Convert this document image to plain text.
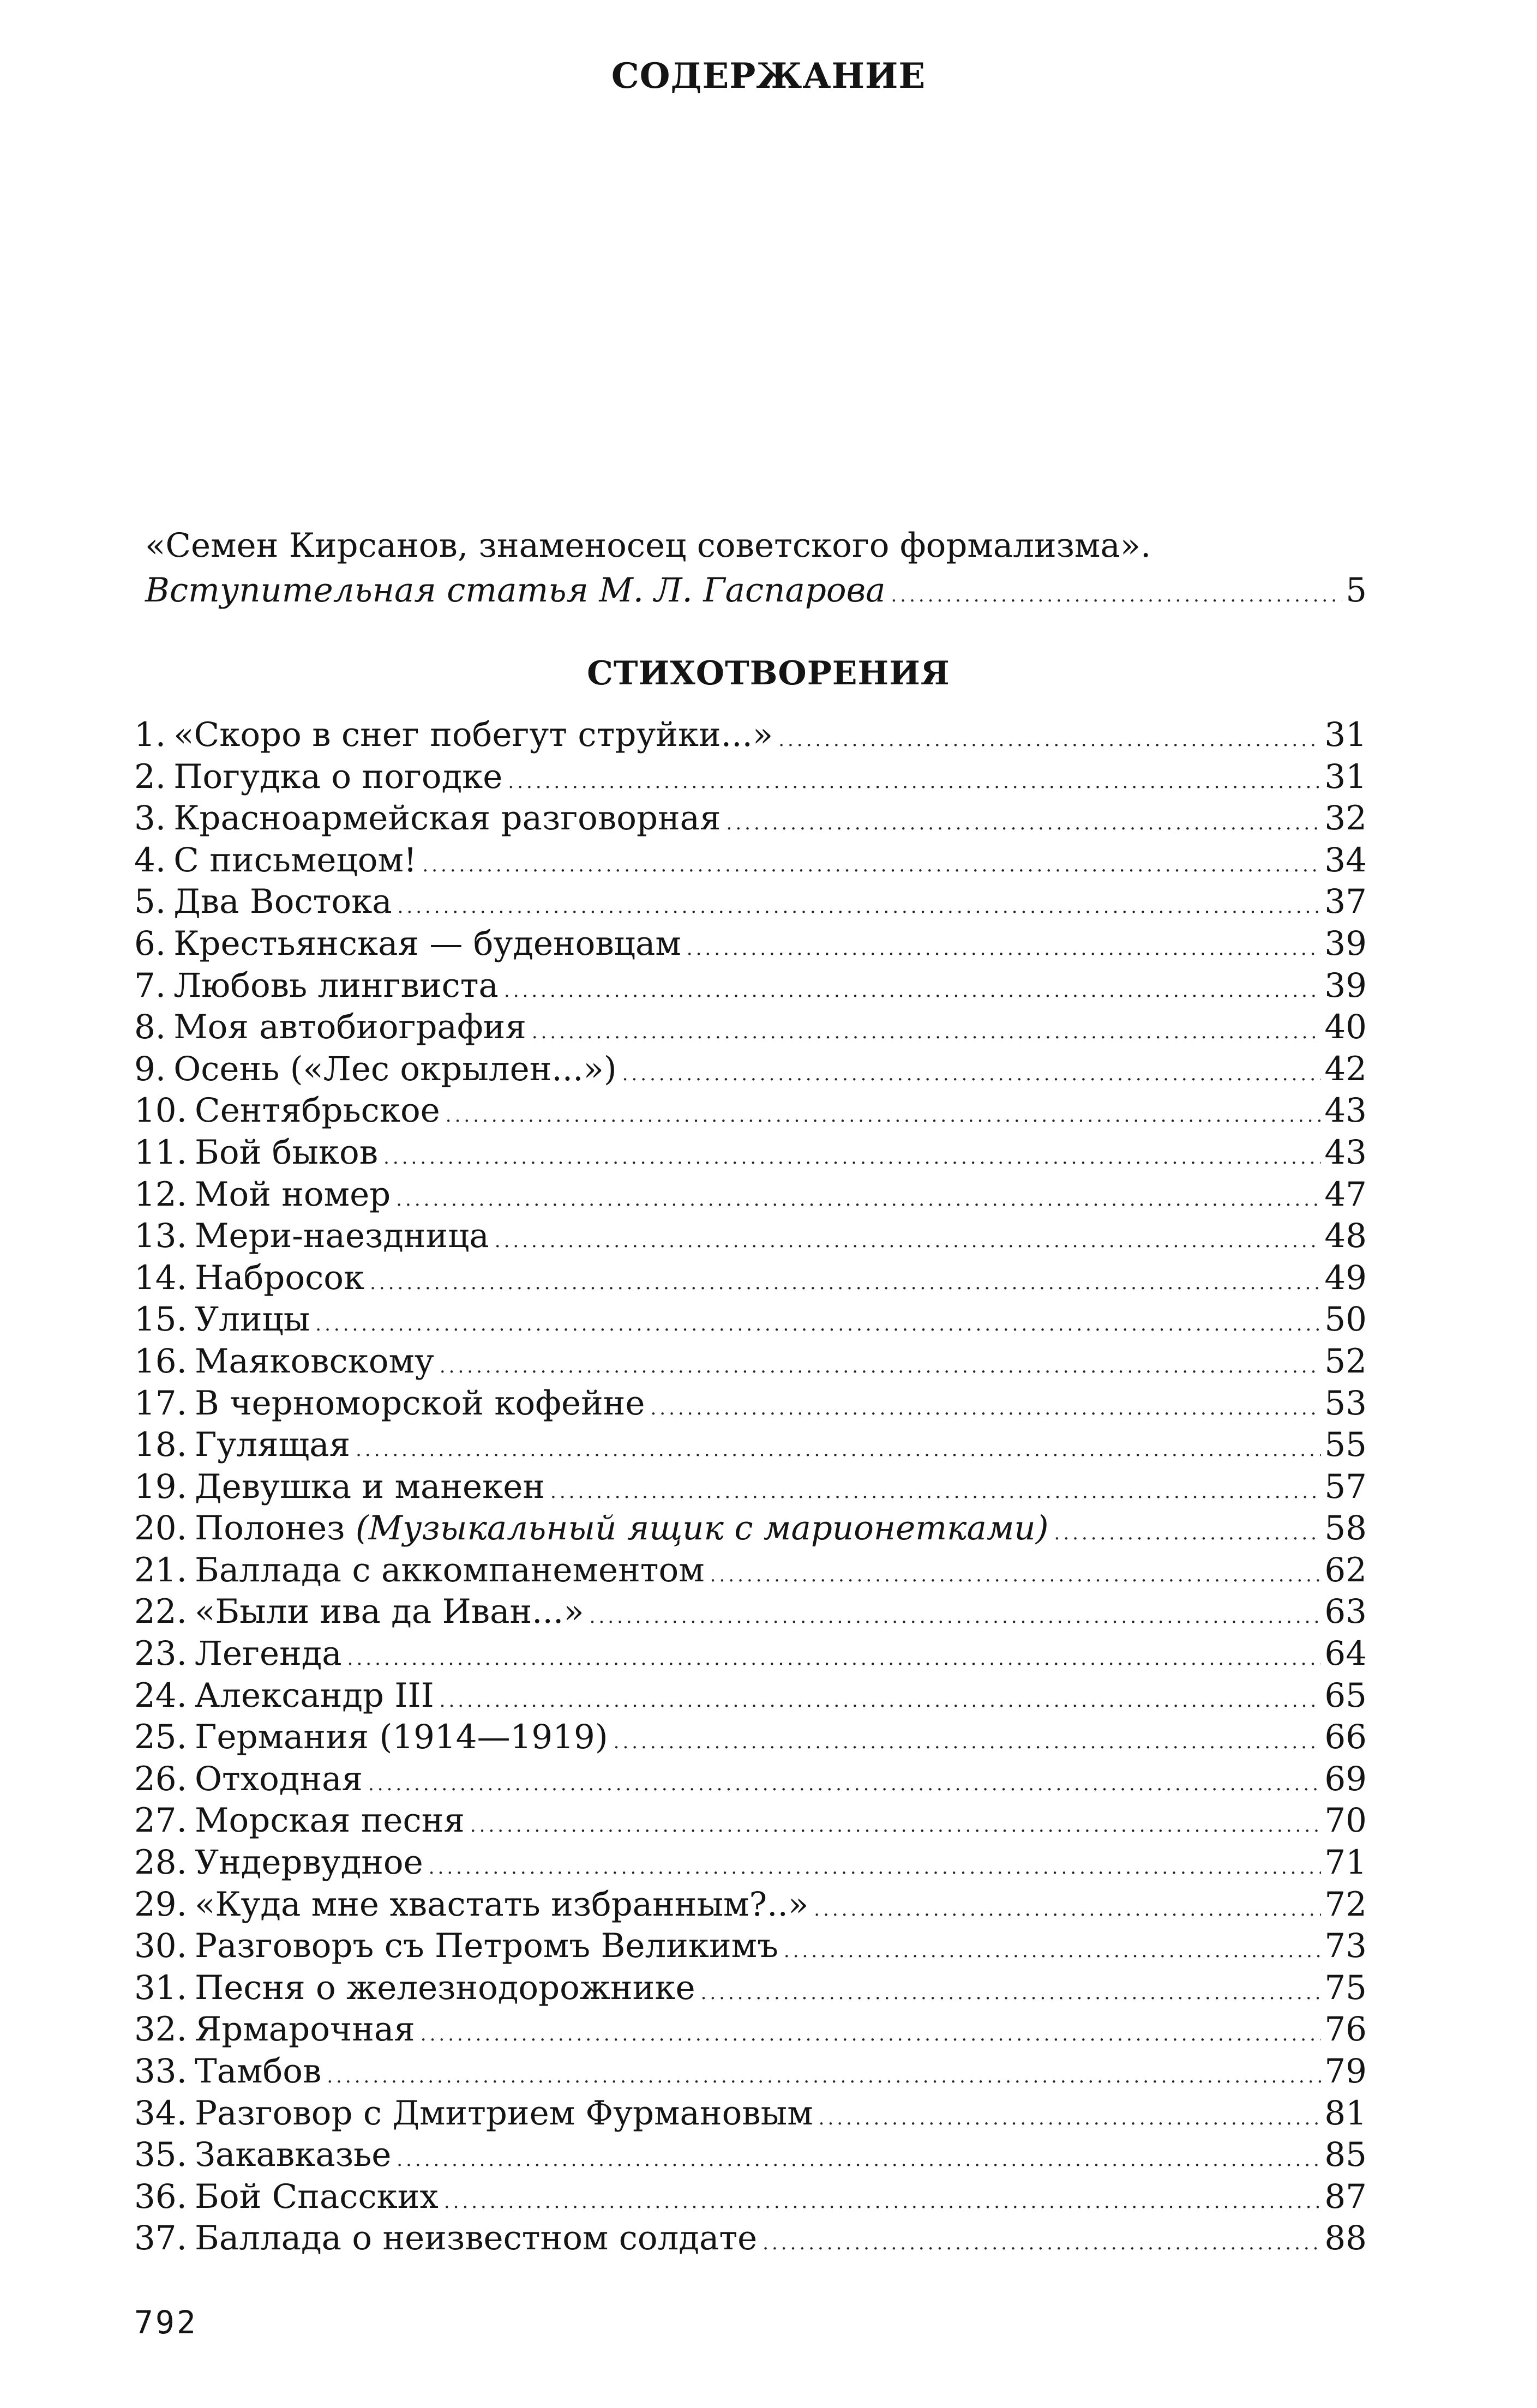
СОДЕРЖАНИЕ
«Семен Кирсанов, знаменосец советского формализма».
Вступительная статья М. Л. Гаспарова .....	5
СТИХОТВОРЕНИЯ
1. «Скоро в снег побегут струйки...» .....	31
2. Погудка о погодке .....	31
3. Красноармейская разговорная .....	32
4. С письмецом! .....	34
5. Два Востока .....	37
6. Крестьянская — буденовцам .....	39
7. Любовь лингвиста .....	39
8. Моя автобиография .....	40
9. Осень («Лес окрылен...») .....	42
10. Сентябрьское .....	43
11. Бой быков .....	43
12. Мой номер .....	47
13. Мери-наездница .....	48
14. Набросок .....	49
15. Улицы .....	50
16. Маяковскому .....	52
17. В черноморской кофейне .....	53
18. Гулящая .....	55
19. Девушка и манекен .....	57
20. Полонез (Музыкальный ящик с марионетками) .....	58
21. Баллада с аккомпанементом .....	62
22. «Были ива да Иван...» .....	63
23. Легенда .....	64
24. Александр III .....	65
25. Германия (1914—1919) .....	66
26. Отходная .....	69
27. Морская песня .....	70
28. Ундервудное .....	71
29. «Куда мне хвастать избранным?..» .....	72
30. Разговоръ съ Петромъ Великимъ .....	73
31. Песня о железнодорожнике .....	75
32. Ярмарочная .....	76
33. Тамбов .....	79
34. Разговор с Дмитрием Фурмановым .....	81
35. Закавказье .....	85
36. Бой Спасских .....	87
37. Баллада о неизвестном солдате .....	88
792
